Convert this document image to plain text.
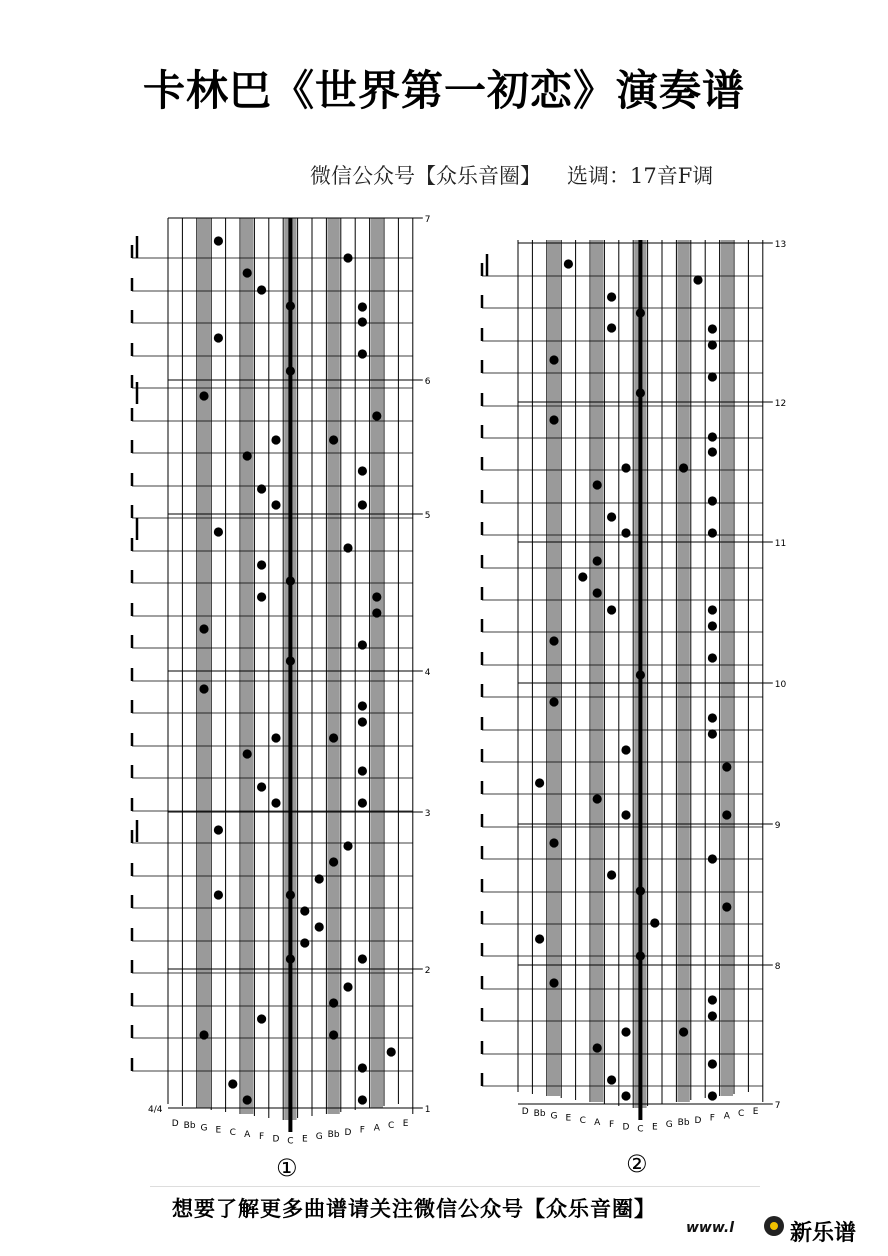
卡林巴《世界第一初恋》演奏谱
微信公众号【众乐音圈】 选调：17音F调
7
6
5
4
3
2
1
D Bb G E C A F D C E G Bb D F A C E
4/4
13
12
11
10
9
8
7
D Bb G E C A F D C E G Bb D F A C E
①	②
想要了解更多曲谱请关注微信公众号【众乐音圈】
www.l	新乐谱
